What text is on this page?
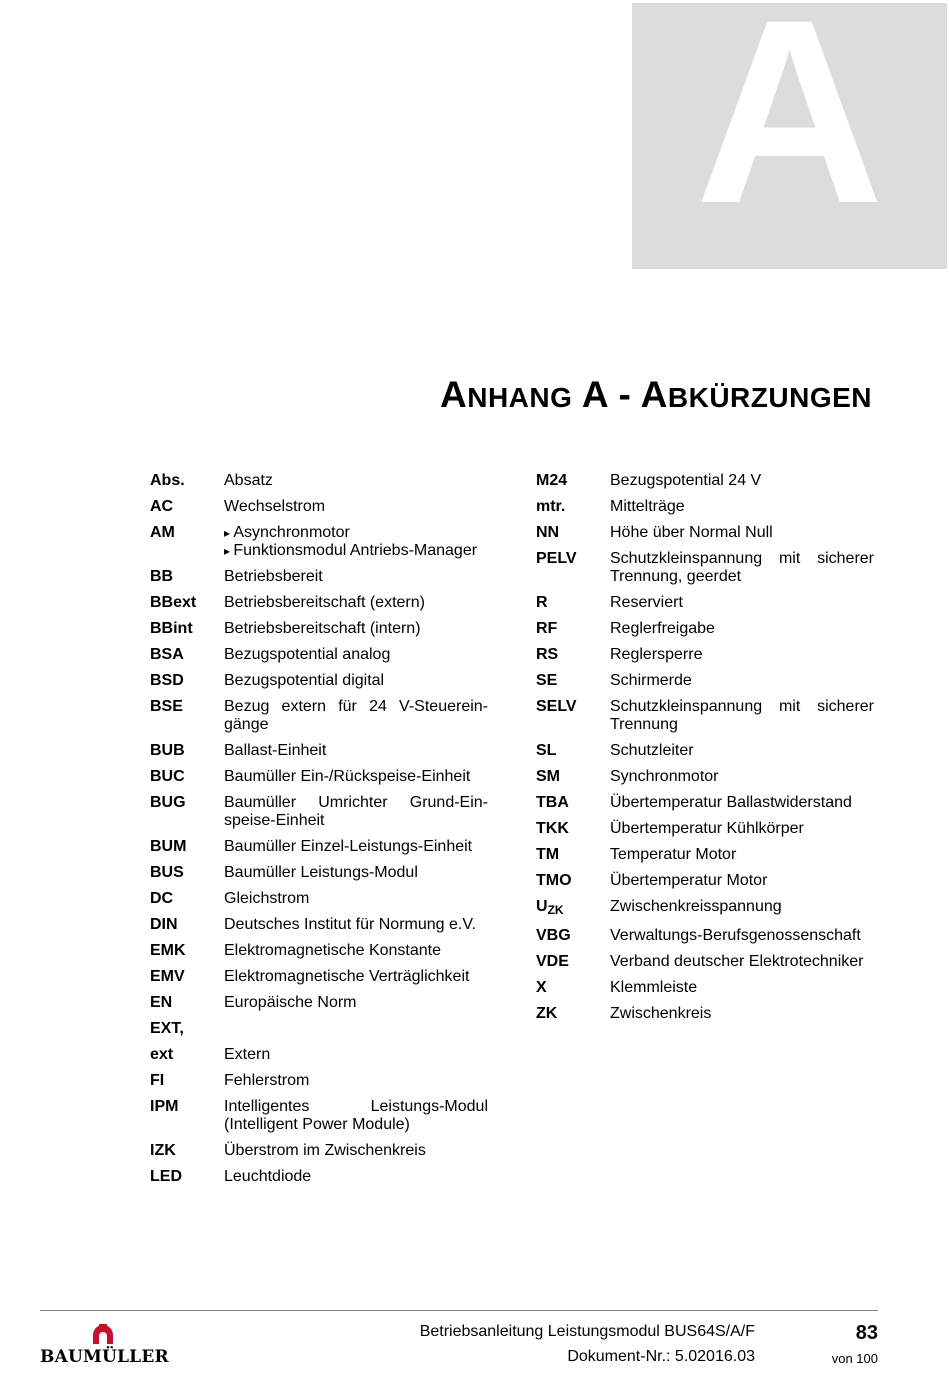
A
ANHANG A - ABKÜRZUNGEN
Abs.	Absatz
AC	Wechselstrom
AM
▸	Asynchronmotor
▸ Funktionsmodul Antriebs-Manager
BB	Betriebsbereit
BBext	Betriebsbereitschaft (extern)
BBint	Betriebsbereitschaft (intern)
BSA	Bezugspotential analog
BSD	Bezugspotential digital
BSE	Bezug extern für 24 V-Steuereingänge
BUB	Ballast-Einheit
BUC	Baumüller Ein-/Rückspeise-Einheit
BUG	Baumüller Umrichter Grund-Einspeise-Einheit
BUM	Baumüller Einzel-Leistungs-Einheit
BUS	Baumüller Leistungs-Modul
DC	Gleichstrom
DIN	Deutsches Institut für Normung e.V.
EMK	Elektromagnetische Konstante
EMV	Elektromagnetische Verträglichkeit
EN	Europäische Norm
EXT,
ext	Extern
FI	Fehlerstrom
IPM	Intelligentes Leistungs-Modul (Intelligent Power Module)
IZK	Überstrom im Zwischenkreis
LED	Leuchtdiode
M24	Bezugspotential 24 V
mtr.	Mittelträge
NN	Höhe über Normal Null
PELV	Schutzkleinspannung mit sicherer Trennung, geerdet
R	Reserviert
RF	Reglerfreigabe
RS	Reglersperre
SE	Schirmerde
SELV	Schutzkleinspannung mit sicherer Trennung
SL	Schutzleiter
SM	Synchronmotor
TBA	Übertemperatur Ballastwiderstand
TKK	Übertemperatur Kühlkörper
TM	Temperatur Motor
TMO	Übertemperatur Motor
$U_{ZK}$	Zwischenkreisspannung
VBG	Verwaltungs-Berufsgenossenschaft
VDE	Verband deutscher Elektrotechniker
X	Klemmleiste
ZK	Zwischenkreis
BAUMÜLLER
Betriebsanleitung Leistungsmodul BUS64S/A/F
Dokument-Nr.: 5.02016.03
83
von 100
